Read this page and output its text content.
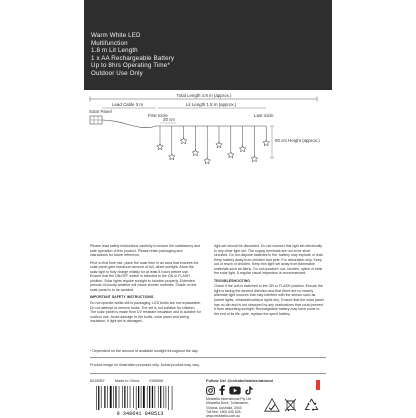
Warm White LED
Multifunction
1.8 m Lit Length
1 x AA Rechargeable Battery
Up to 8hrs Operating Time*
Outdoor Use Only
Total Length 4.8 m (approx.)
Solar Panel
Lead Cable 3 m	Lit Length 1.8 m (approx.)
First Icicle
20 cm
Last Icicle
90 cm Height (approx.)

Please read safety instructions carefully to ensure the satisfactory and safe operation of this product. Please retain packaging and instructions for future reference.

Prior to first time use, place the solar item in an area that ensures the solar panel gets maximum amount of full, direct sunlight. Allow the solar light to fully charge initially for at least 8 hours before use. Ensure that the ON/OFF switch is selected to the ON or FLASH position. Solar lights require sunlight to function properly. Extended periods of cloudy weather will cause shorter runtimes. Shade on the solar panel is to be avoided.

IMPORTANT SAFETY INSTRUCTIONS

Do not operate whilst still in packaging. LED bulbs are not replaceable. Do not attempt to remove bulbs. The set is not suitable for children. The solar panel is made from UV resistant insulation and is suitable for outdoor use. Avoid damage to the bulbs, solar panel and wiring insulation. If light set is damaged,

light set should be discarded. Do not connect this light set electrically to any other light set. The supply terminals are not to be short circuited. Do not dispose batteries in fire, battery may explode or leak. Keep battery away from children and pets. For decoration only. Keep out of reach of children. Keep this light set away from flammable materials such as fabric. Do not puncture, cut, shorten, splice or twist the solar light. A regular visual inspection is recommended.

TROUBLESHOOTING

Check if the unit is switched to the ON or FLASH position. Ensure the light is facing the desired direction and that there are no nearby alternate light sources that may interfere with the sensor such as (street lights, verandah/outdoor lights etc). Ensure that the solar panel has no dirt and is not obscured by any obstructions that could prevent it from absorbing sunlight. Rechargeable battery may have come to the end of its life cycle, replace the spent battery.

* Dependent on the amount of available sunlight throughout the day.
Product image for illustration purposes only. Actual product may vary.
6018957	Made in China	I006596
9 348641 040513
Follow Us! @mirabellainternational
Mirabella International Pty Ltd
Mirabella Drive, Tullamarine,
Victoria, Australia, 3043
Toll free: 1800 636 528
www.mirabella.com.au
